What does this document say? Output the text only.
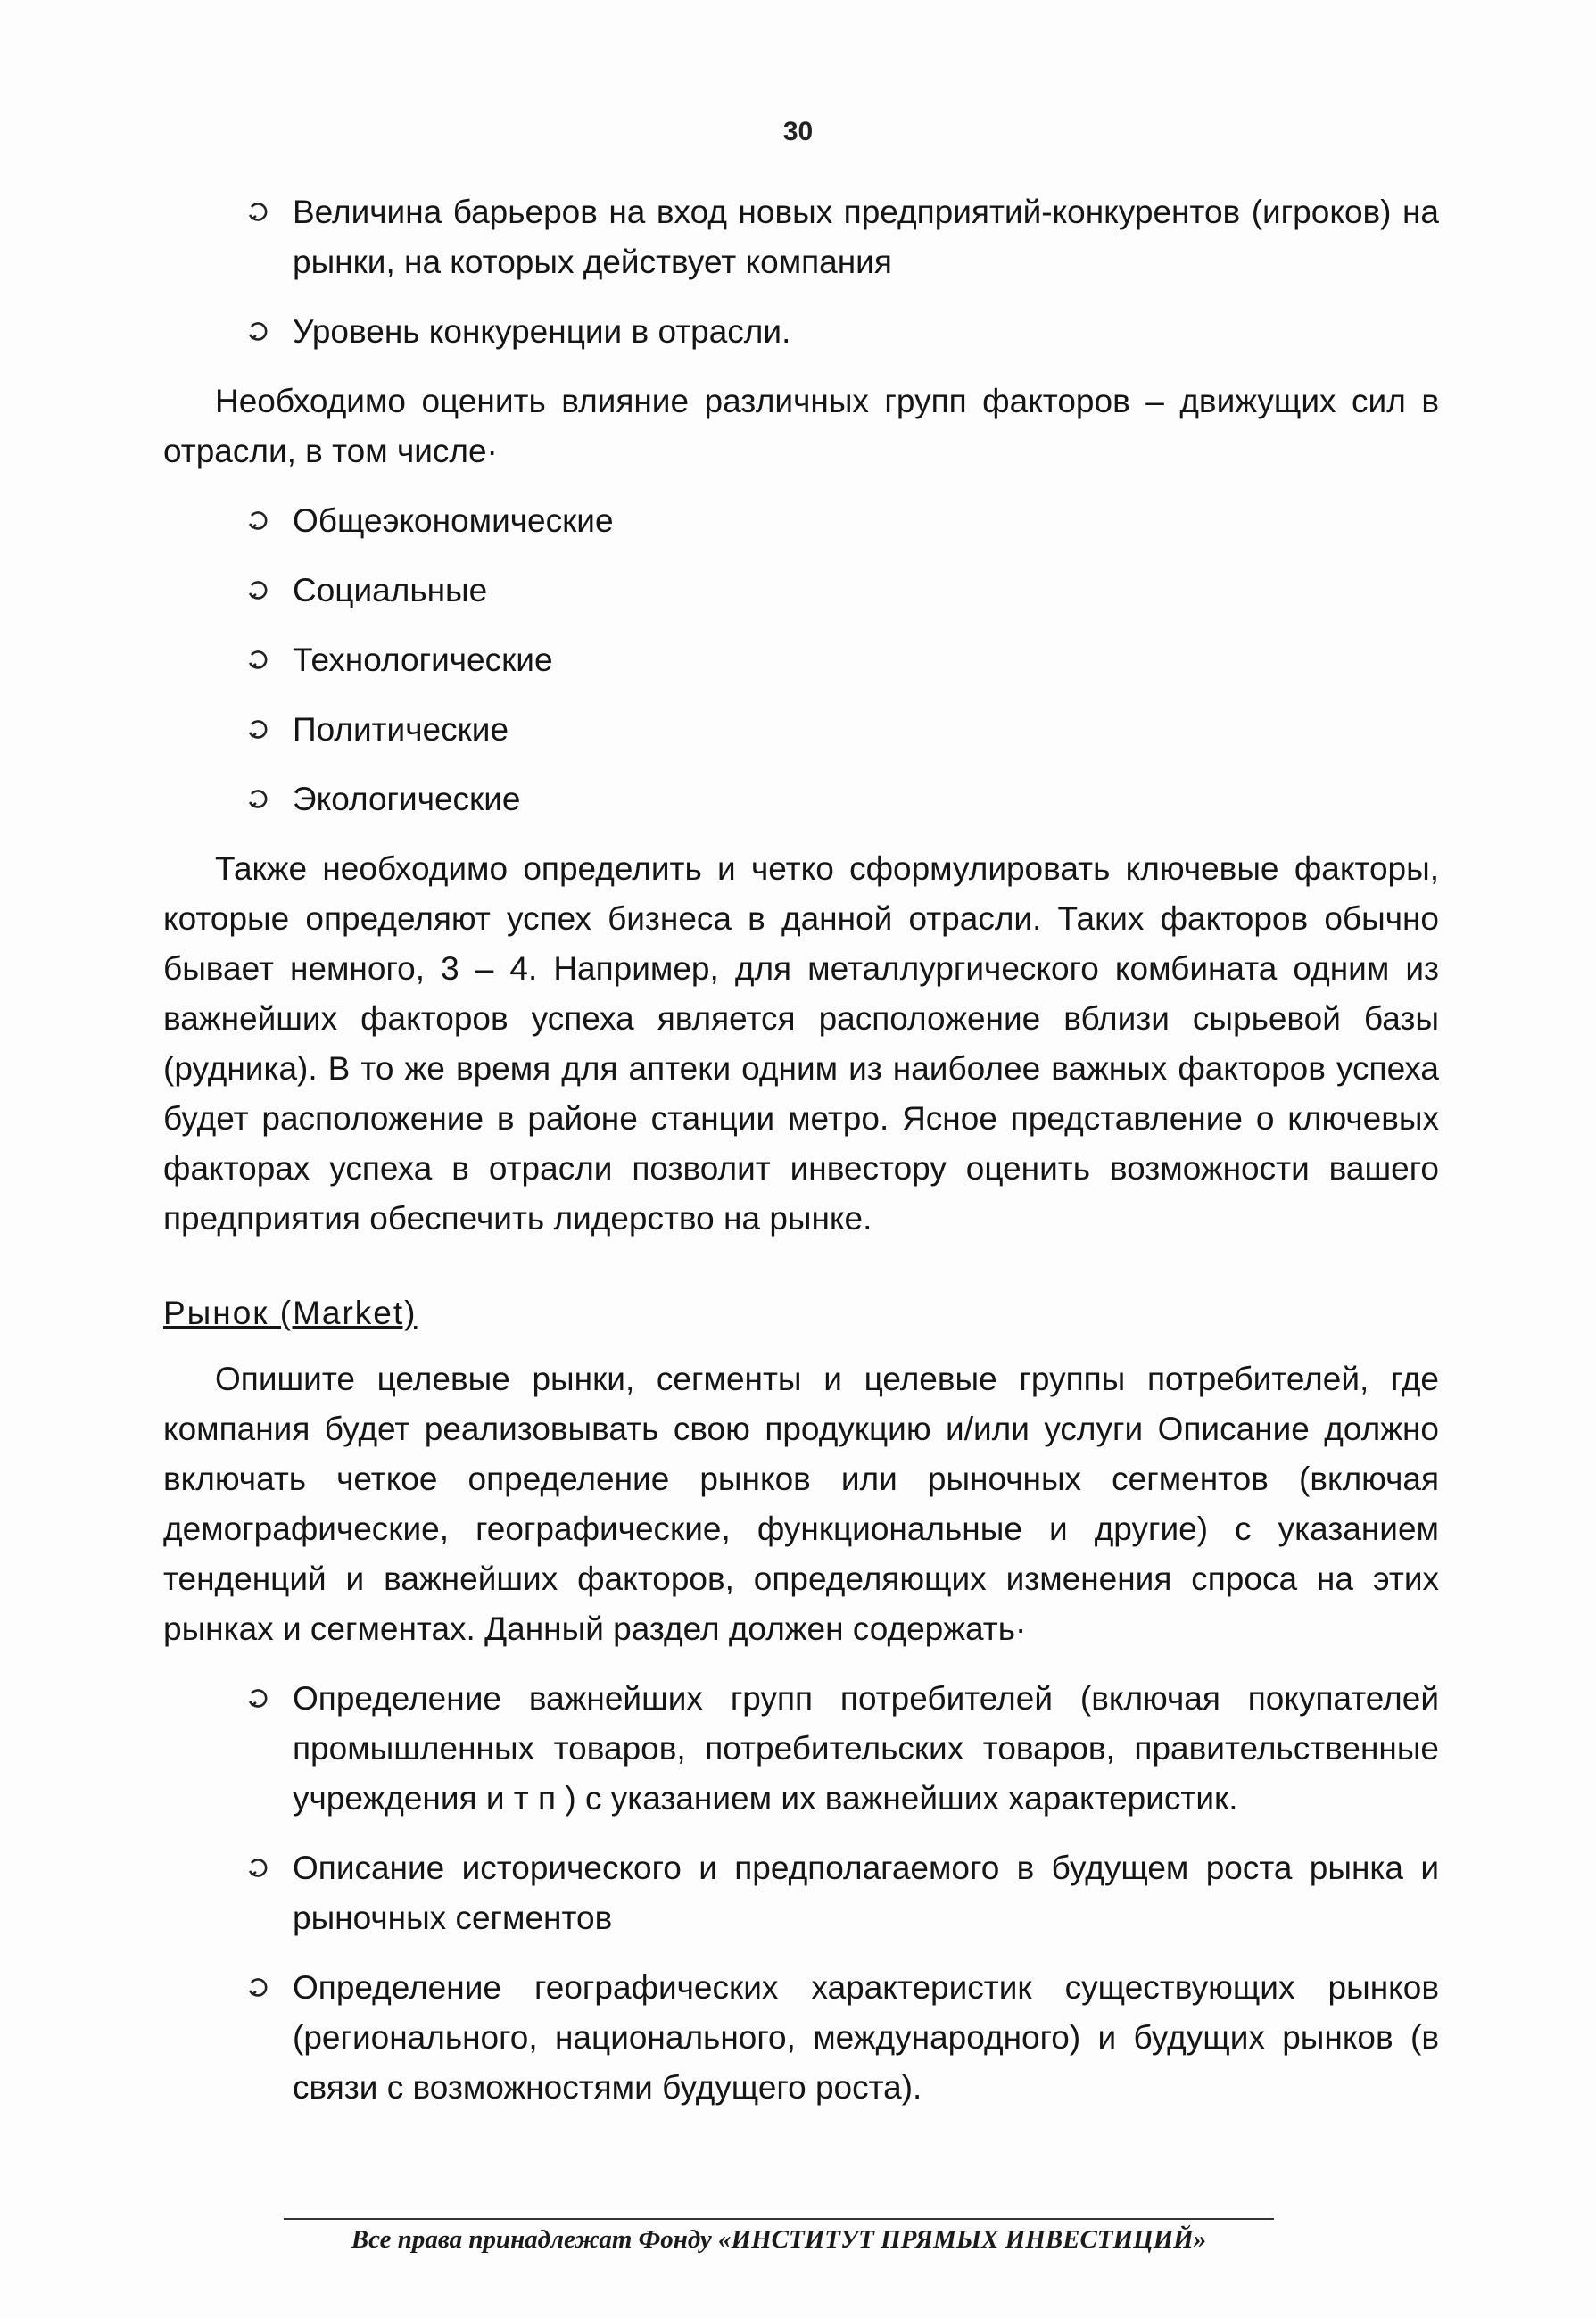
30
Величина барьеров на вход новых предприятий-конкурентов (игроков) на рынки, на которых действует компания
Уровень конкуренции в отрасли.

Необходимо оценить влияние различных групп факторов – движущих сил в отрасли, в том числе·

Общеэкономические
Социальные
Технологические
Политические
Экологические

Также необходимо определить и четко сформулировать ключевые факторы, которые определяют успех бизнеса в данной отрасли. Таких факторов обычно бывает немного, 3 – 4. Например, для металлургического комбината одним из важнейших факторов успеха является расположение вблизи сырьевой базы (рудника). В то же время для аптеки одним из наиболее важных факторов успеха будет расположение в районе станции метро. Ясное представление о ключевых факторах успеха в отрасли позволит инвестору оценить возможности вашего предприятия обеспечить лидерство на рынке.

Рынок (Market)

Опишите целевые рынки, сегменты и целевые группы потребителей, где компания будет реализовывать свою продукцию и/или услуги Описание должно включать четкое определение рынков или рыночных сегментов (включая демографические, географические, функциональные и другие) с указанием тенденций и важнейших факторов, определяющих изменения спроса на этих рынках и сегментах. Данный раздел должен содержать·

Определение важнейших групп потребителей (включая покупателей промышленных товаров, потребительских товаров, правительственные учреждения и т п ) с указанием их важнейших характеристик.
Описание исторического и предполагаемого в будущем роста рынка и рыночных сегментов
Определение географических характеристик существующих рынков (регионального, национального, международного) и будущих рынков (в связи с возможностями будущего роста).
Все права принадлежат Фонду «ИНСТИТУТ ПРЯМЫХ ИНВЕСТИЦИЙ»
